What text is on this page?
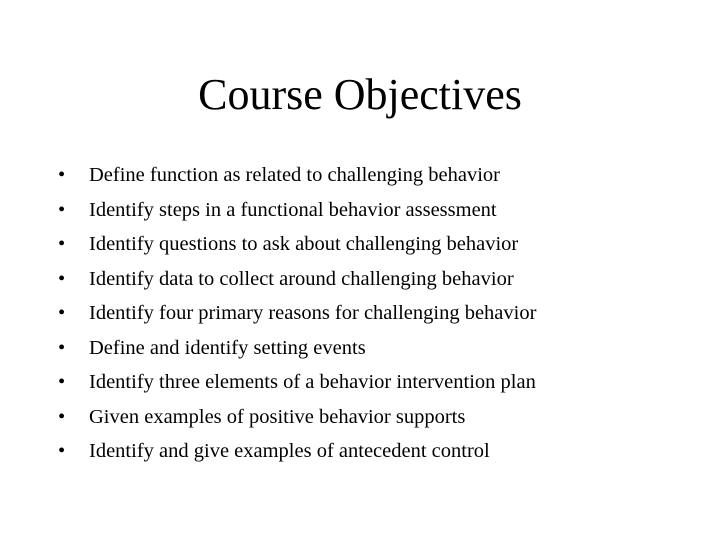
Course Objectives
• Define function as related to challenging behavior
• Identify steps in a functional behavior assessment
• Identify questions to ask about challenging behavior
• Identify data to collect around challenging behavior
• Identify four primary reasons for challenging behavior
• Define and identify setting events
• Identify three elements of a behavior intervention plan
• Given examples of positive behavior supports
• Identify and give examples of antecedent control
